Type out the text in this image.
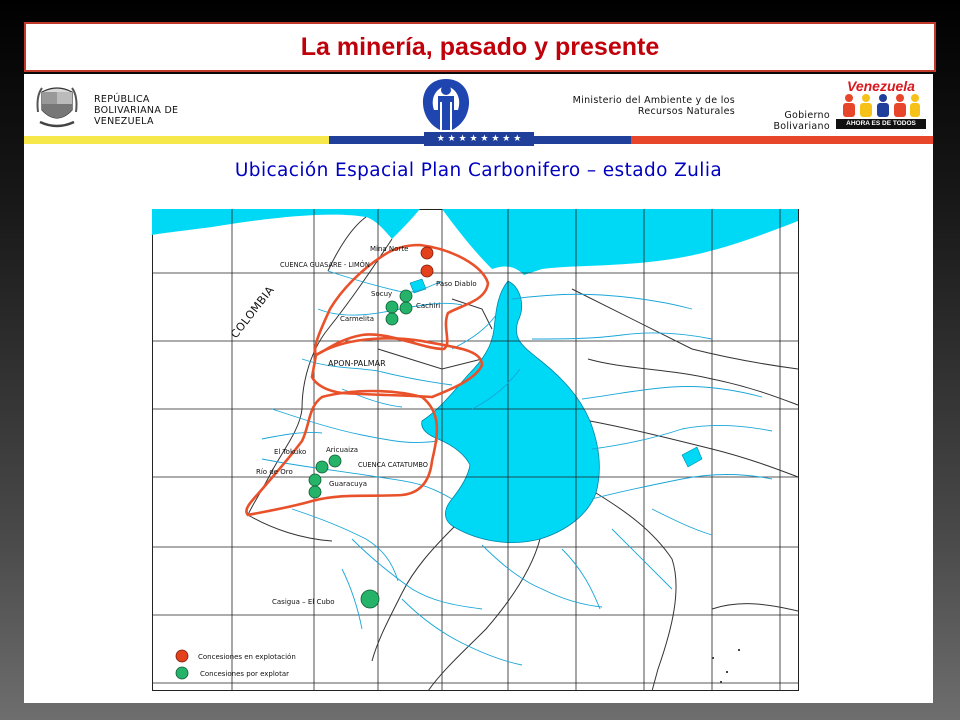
La minería, pasado y presente
REPÚBLICA
BOLIVARIANA DE
VENEZUELA
Ministerio del Ambiente y de los
Recursos Naturales	Gobierno
Bolivariano
Venezuela
AHORA ES DE TODOS
★ ★ ★ ★ ★ ★ ★ ★
Ubicación Espacial Plan Carbonifero – estado Zulia
COLOMBIA
CUENCA GUASARE - LIMÓN
APON-PALMAR
CUENCA CATATUMBO
Mina Norte
Paso Diablo
Socuy
Cachiri
Carmelita
El Tokuko	Aricuaiza
Río de Oro
Guaracuya
Casigua – El Cubo
Concesiones en explotación
Concesiones por explotar
